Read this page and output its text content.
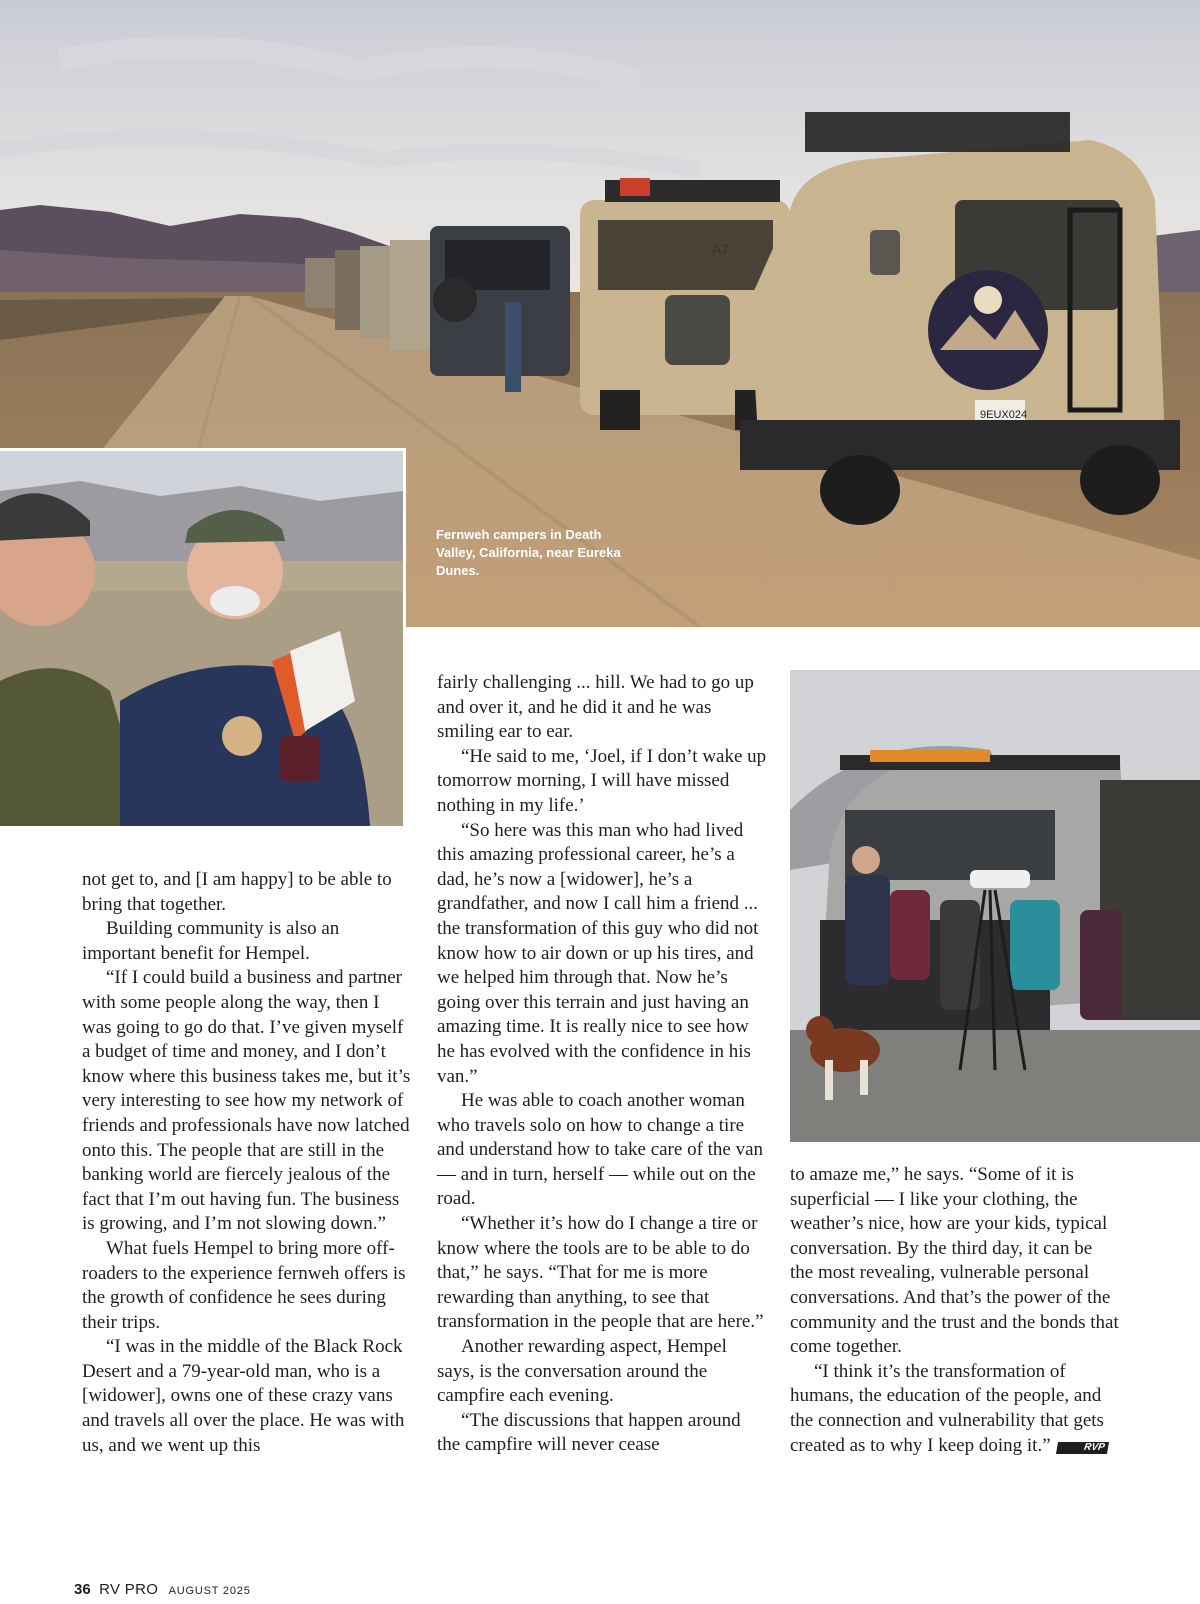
A7
9EUX024

Fernweh campers in Death Valley, California, near Eureka Dunes.

not get to, and [I am happy] to be able to bring that together.

Building community is also an important benefit for Hempel.

“If I could build a business and partner with some people along the way, then I was going to go do that. I’ve given myself a budget of time and money, and I don’t know where this business takes me, but it’s very interesting to see how my network of friends and professionals have now latched onto this. The people that are still in the banking world are fiercely jealous of the fact that I’m out having fun. The business is growing, and I’m not slowing down.”

What fuels Hempel to bring more off-roaders to the experience fernweh offers is the growth of confidence he sees during their trips.

“I was in the middle of the Black Rock Desert and a 79-year-old man, who is a [widower], owns one of these crazy vans and travels all over the place. He was with us, and we went up this

fairly challenging ... hill. We had to go up and over it, and he did it and he was smiling ear to ear.

“He said to me, ‘Joel, if I don’t wake up tomorrow morning, I will have missed nothing in my life.’

“So here was this man who had lived this amazing professional career, he’s a dad, he’s now a [widower], he’s a grandfather, and now I call him a friend ... the transformation of this guy who did not know how to air down or up his tires, and we helped him through that. Now he’s going over this terrain and just having an amazing time. It is really nice to see how he has evolved with the confidence in his van.”

He was able to coach another woman who travels solo on how to change a tire and understand how to take care of the van — and in turn, herself — while out on the road.

“Whether it’s how do I change a tire or know where the tools are to be able to do that,” he says. “That for me is more rewarding than anything, to see that transformation in the people that are here.”

Another rewarding aspect, Hempel says, is the conversation around the campfire each evening.

“The discussions that happen around the campfire will never cease

to amaze me,” he says. “Some of it is superficial — I like your clothing, the weather’s nice, how are your kids, typical conversation. By the third day, it can be the most revealing, vulnerable personal conversations. And that’s the power of the community and the trust and the bonds that come together.

“I think it’s the transformation of humans, the education of the people, and the connection and vulnerability that gets created as to why I keep doing it.”	RVP

36 RV PRO AUGUST 2025
